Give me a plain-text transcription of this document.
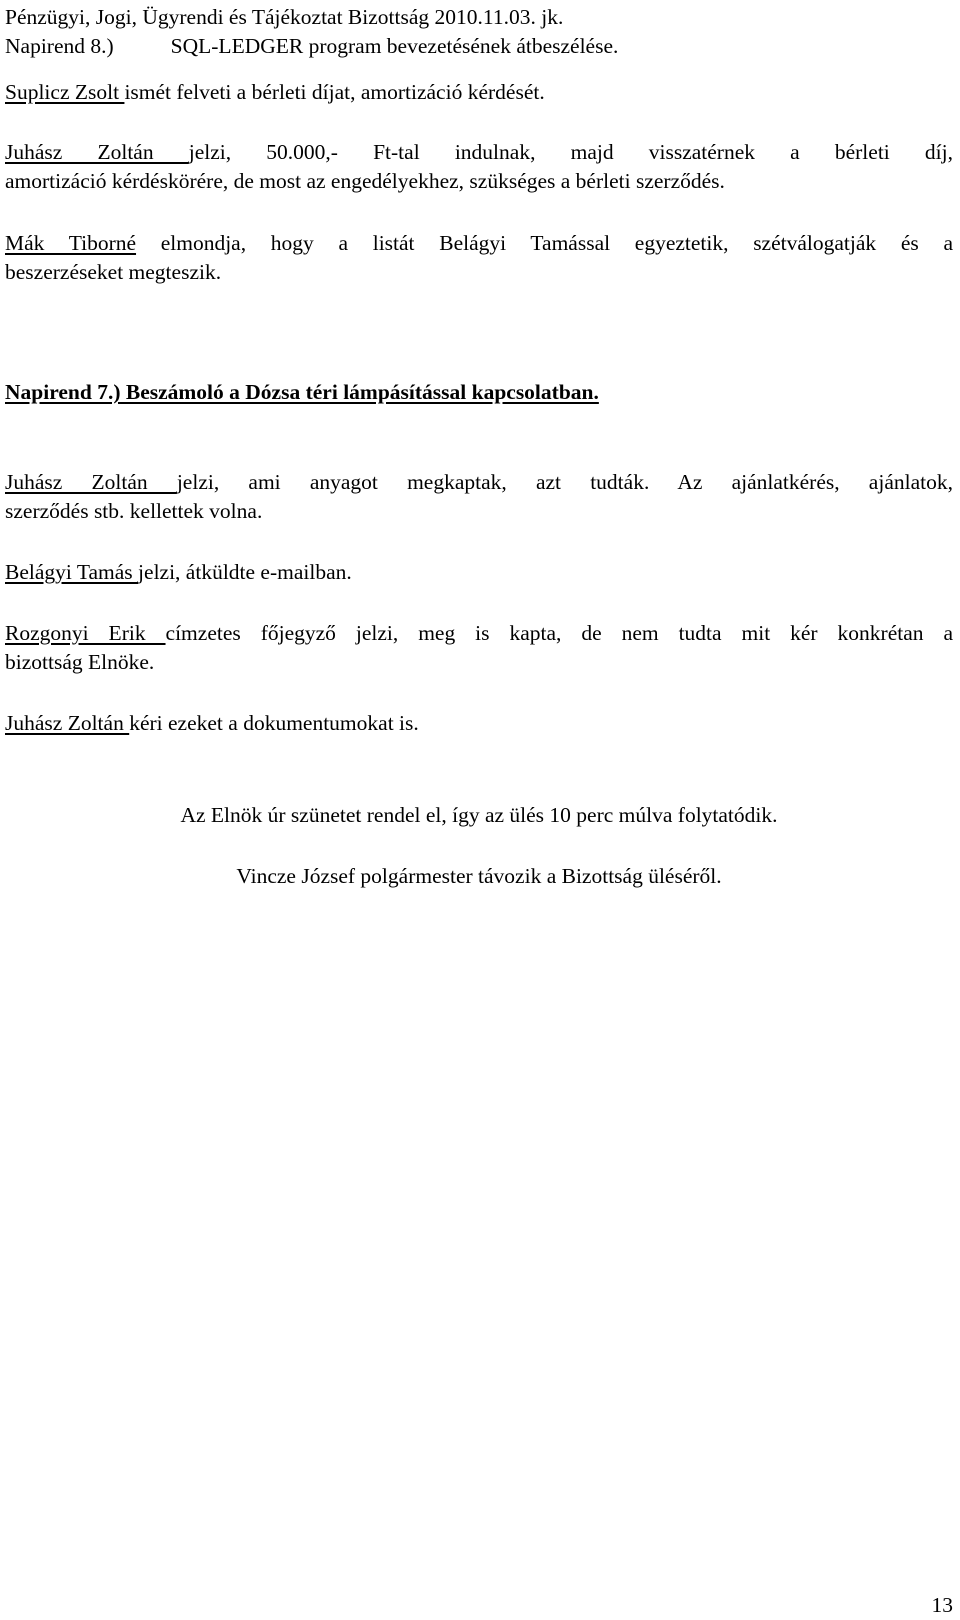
Pénzügyi, Jogi, Ügyrendi és Tájékoztat Bizottság 2010.11.03. jk.
Napirend 8.)	SQL-LEDGER program bevezetésének átbeszélése.
Suplicz Zsolt ismét felveti a bérleti díjat, amortizáció kérdését.
Juhász Zoltán jelzi, 50.000,- Ft-tal indulnak, majd visszatérnek a bérleti díj,
amortizáció kérdéskörére, de most az engedélyekhez, szükséges a bérleti szerződés.
Mák Tiborné elmondja, hogy a listát Belágyi Tamással egyeztetik, szétválogatják és a
beszerzéseket megteszik.
Napirend 7.) Beszámoló a Dózsa téri lámpásítással kapcsolatban.
Juhász Zoltán jelzi, ami anyagot megkaptak, azt tudták. Az ajánlatkérés, ajánlatok,
szerződés stb. kellettek volna.
Belágyi Tamás jelzi, átküldte e-mailban.
Rozgonyi Erik címzetes főjegyző jelzi, meg is kapta, de nem tudta mit kér konkrétan a
bizottság Elnöke.
Juhász Zoltán kéri ezeket a dokumentumokat is.
Az Elnök úr szünetet rendel el, így az ülés 10 perc múlva folytatódik.
Vincze József polgármester távozik a Bizottság üléséről.
13
